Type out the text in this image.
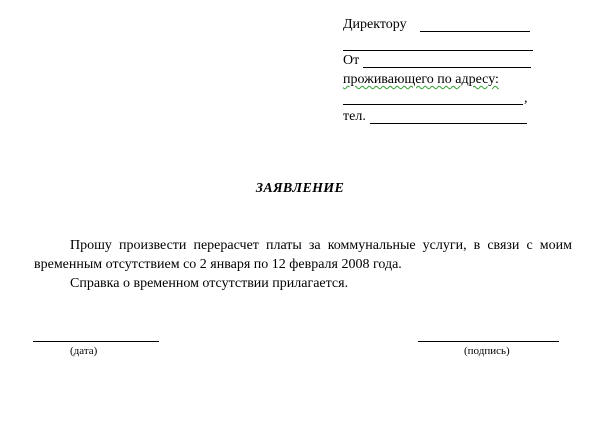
Директору
От
проживающего по адресу:
,
тел.
ЗАЯВЛЕНИЕ

Прошу произвести перерасчет платы за коммунальные услуги, в связи с моим временным отсутствием со 2 января по 12 февраля 2008 года.

Справка о временном отсутствии прилагается.

(дата)	(подпись)
